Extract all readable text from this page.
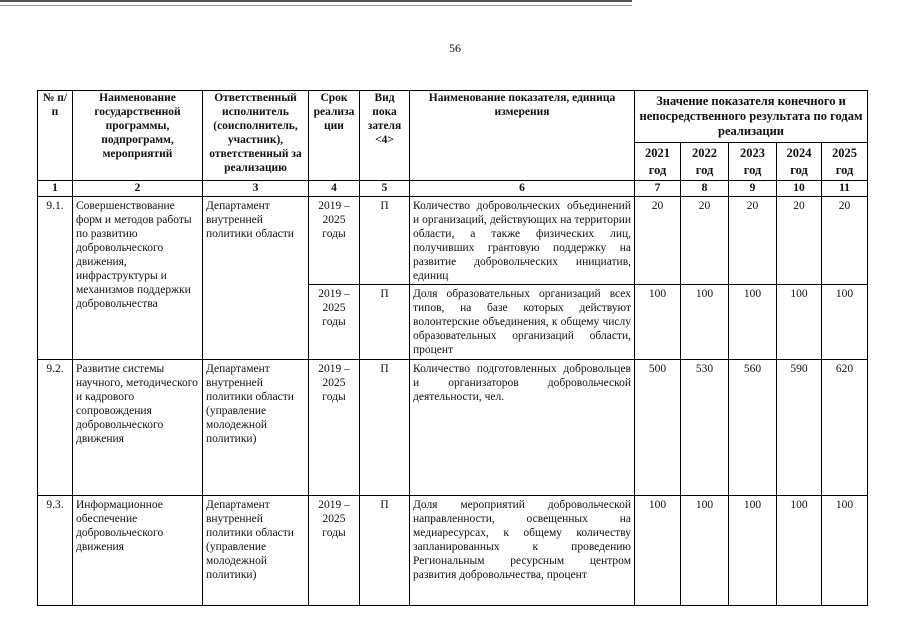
56
№ п/п	Наименование государственной программы, подпрограмм, мероприятий	Ответственный исполнитель (соисполнитель, участник), ответственный за реализацию	Срок реализа ции	Вид пока зателя <4>	Наименование показателя, единица измерения	Значение показателя конечного и непосредственного результата по годам реализации				
						2021 год	2022 год	2023 год	2024 год	2025 год
1	2	3	4	5	6	7	8	9	10	11
9.1.	Совершенствование форм и методов работы по развитию добровольческого движения, инфраструктуры и механизмов поддержки добровольчества	Департамент внутренней политики области	2019 – 2025 годы	П	Количество добровольческих объединений и организаций, действующих на территории области, а также физических лиц, получивших грантовую поддержку на развитие добровольческих инициатив, единиц	20	20	20	20	20
			2019 – 2025 годы	П	Доля образовательных организаций всех типов, на базе которых действуют волонтерские объединения, к общему числу образовательных организаций области, процент	100	100	100	100	100
9.2.	Развитие системы научного, методического и кадрового сопровождения добровольческого движения	Департамент внутренней политики области (управление молодежной политики)	2019 – 2025 годы	П	Количество подготовленных добровольцев и организаторов добровольческой деятельности, чел.	500	530	560	590	620
9.3.	Информационное обеспечение добровольческого движения	Департамент внутренней политики области (управление молодежной политики)	2019 – 2025 годы	П	Доля мероприятий добровольческой направленности, освещенных на медиаресурсах, к общему количеству запланированных к проведению Региональным ресурсным центром развития добровольчества, процент	100	100	100	100	100
